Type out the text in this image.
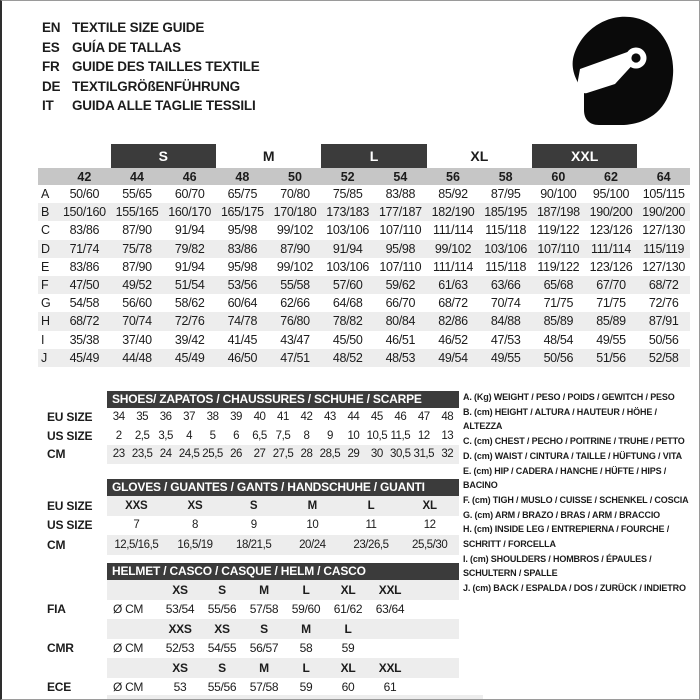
EN TEXTILE SIZE GUIDE
ES GUÍA DE TALLAS
FR GUIDE DES TAILLES TEXTILE
DE TEXTILGRÖßENFÜHRUNG
IT	GUIDA ALLE TAGLIE TESSILI
S	M	L	XL	XXL
42	44	46	48	50	52	54	56	58	60	62	64
A	50/60	55/65	60/70	65/75	70/80	75/85	83/88	85/92	87/95	90/100	95/100	105/115
B	150/160 155/165 160/170 165/175 170/180 173/183 177/187 182/190 185/195 187/198 190/200 190/200
C	83/86	87/90	91/94	95/98	99/102	103/106 107/110 111/114 115/118 119/122 123/126 127/130
D	71/74	75/78	79/82	83/86	87/90	91/94	95/98	99/102	103/106 107/110 111/114 115/119
E	83/86	87/90	91/94	95/98	99/102	103/106 107/110 111/114 115/118 119/122 123/126 127/130
F	47/50	49/52	51/54	53/56	55/58	57/60	59/62	61/63	63/66	65/68	67/70	68/72
G	54/58	56/60	58/62	60/64	62/66	64/68	66/70	68/72	70/74	71/75	71/75	72/76
H	68/72	70/74	72/76	74/78	76/80	78/82	80/84	82/86	84/88	85/89	85/89	87/91
I	35/38	37/40	39/42	41/45	43/47	45/50	46/51	46/52	47/53	48/54	49/55	50/56
J	45/49	44/48	45/49	46/50	47/51	48/52	48/53	49/54	49/55	50/56	51/56	52/58
SHOES/ ZAPATOS / CHAUSSURES / SCHUHE / SCARPE
EU SIZE	34	35	36	37	38	39	40	41	42	43	44	45	46	47	48
US SIZE	2	2,5 3,5	4	5	6	6,5 7,5	8	9	10 10,5 11,5 12	13
CM	23 23,5 24 24,5 25,5 26	27 27,5 28 28,5 29	30 30,5 31,5 32
GLOVES / GUANTES / GANTS / HANDSCHUHE / GUANTI
EU SIZE	XXS	XS	S	M	L	XL
US SIZE	7	8	9	10	11	12
CM	12,5/16,5	16,5/19	18/21,5	20/24	23/26,5	25,5/30
HELMET / CASCO / CASQUE / HELM / CASCO
XS	S	M	L	XL	XXL
FIA	Ø CM	53/54	55/56	57/58	59/60	61/62	63/64
XXS	XS	S	M	L
CMR	Ø CM	52/53	54/55	56/57	58	59
XS	S	M	L	XL	XXL
ECE	Ø CM	53	55/56	57/58	59	60	61
A. (Kg) WEIGHT / PESO / POIDS / GEWITCH / PESO
B. (cm) HEIGHT / ALTURA / HAUTEUR / HÖHE / ALTEZZA
C. (cm) CHEST / PECHO / POITRINE / TRUHE / PETTO
D. (cm) WAIST / CINTURA / TAILLE / HÜFTUNG / VITA
E. (cm) HIP / CADERA / HANCHE / HÜFTE / HIPS / BACINO
F. (cm) TIGH / MUSLO / CUISSE / SCHENKEL / COSCIA
G. (cm) ARM / BRAZO / BRAS / ARM / BRACCIO
H. (cm) INSIDE LEG / ENTREPIERNA / FOURCHE / SCHRITT / FORCELLA
I. (cm) SHOULDERS / HOMBROS / ÉPAULES / SCHULTERN / SPALLE
J. (cm) BACK / ESPALDA / DOS / ZURÜCK / INDIETRO
